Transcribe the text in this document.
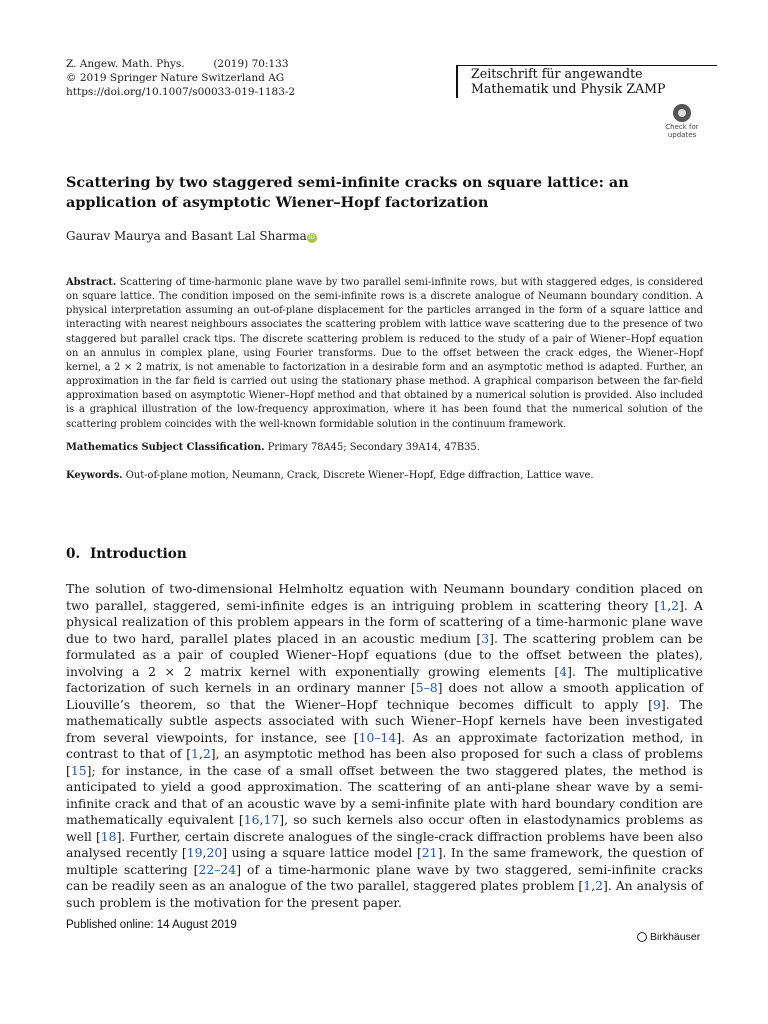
Z. Angew. Math. Phys.	(2019) 70:133
© 2019 Springer Nature Switzerland AG
https://doi.org/10.1007/s00033-019-1183-2
Zeitschrift für angewandte
Mathematik und Physik ZAMP
Check for
updates
Scattering by two staggered semi-infinite cracks on square lattice: an application of asymptotic Wiener–Hopf factorization
Gaurav Maurya and Basant Lal Sharma iD
Abstract. Scattering of time-harmonic plane wave by two parallel semi-infinite rows, but with staggered edges, is considered on square lattice. The condition imposed on the semi-infinite rows is a discrete analogue of Neumann boundary condition. A physical interpretation assuming an out-of-plane displacement for the particles arranged in the form of a square lattice and interacting with nearest neighbours associates the scattering problem with lattice wave scattering due to the presence of two staggered but parallel crack tips. The discrete scattering problem is reduced to the study of a pair of Wiener–Hopf equation on an annulus in complex plane, using Fourier transforms. Due to the offset between the crack edges, the Wiener–Hopf kernel, a 2 × 2 matrix, is not amenable to factorization in a desirable form and an asymptotic method is adapted. Further, an approximation in the far field is carried out using the stationary phase method. A graphical comparison between the far-field approximation based on asymptotic Wiener–Hopf method and that obtained by a numerical solution is provided. Also included is a graphical illustration of the low-frequency approximation, where it has been found that the numerical solution of the scattering problem coincides with the well-known formidable solution in the continuum framework.
Mathematics Subject Classification. Primary 78A45; Secondary 39A14, 47B35.
Keywords. Out-of-plane motion, Neumann, Crack, Discrete Wiener–Hopf, Edge diffraction, Lattice wave.
0. Introduction
The solution of two-dimensional Helmholtz equation with Neumann boundary condition placed on two parallel, staggered, semi-infinite edges is an intriguing problem in scattering theory [1,2]. A physical realization of this problem appears in the form of scattering of a time-harmonic plane wave due to two hard, parallel plates placed in an acoustic medium [3]. The scattering problem can be formulated as a pair of coupled Wiener–Hopf equations (due to the offset between the plates), involving a 2 × 2 matrix kernel with exponentially growing elements [4]. The multiplicative factorization of such kernels in an ordinary manner [5–8] does not allow a smooth application of Liouville’s theorem, so that the Wiener–Hopf technique becomes difficult to apply [9]. The mathematically subtle aspects associated with such Wiener–Hopf kernels have been investigated from several viewpoints, for instance, see [10–14]. As an approximate factorization method, in contrast to that of [1,2], an asymptotic method has been also proposed for such a class of problems [15]; for instance, in the case of a small offset between the two staggered plates, the method is anticipated to yield a good approximation. The scattering of an anti-plane shear wave by a semi-infinite crack and that of an acoustic wave by a semi-infinite plate with hard boundary condition are mathematically equivalent [16,17], so such kernels also occur often in elastodynamics problems as well [18]. Further, certain discrete analogues of the single-crack diffraction problems have been also analysed recently [19,20] using a square lattice model [21]. In the same framework, the question of multiple scattering [22–24] of a time-harmonic plane wave by two staggered, semi-infinite cracks can be readily seen as an analogue of the two parallel, staggered plates problem [1,2]. An analysis of such problem is the motivation for the present paper.
Published online: 14 August 2019
Birkhäuser
